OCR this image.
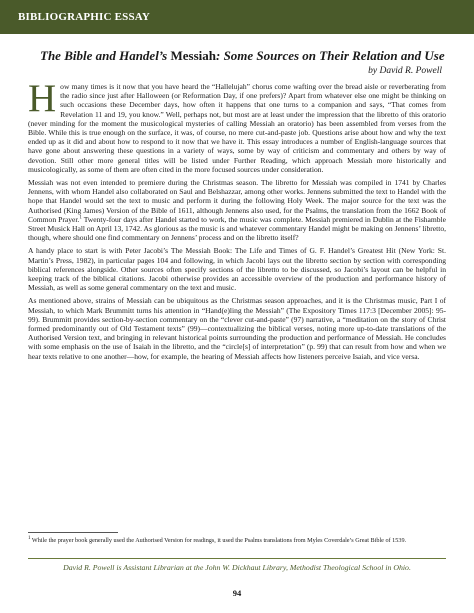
BIBLIOGRAPHIC ESSAY
The Bible and Handel’s Messiah: Some Sources on Their Relation and Use
by David R. Powell

How many times is it now that you have heard the “Hallelujah” chorus come wafting over the bread aisle or reverberating from the radio since just after Halloween (or Reformation Day, if one prefers)? Apart from whatever else one might be thinking on such occasions these December days, how often it happens that one turns to a companion and says, “That comes from Revelation 11 and 19, you know.” Well, perhaps not, but most are at least under the impression that the libretto of this oratorio (never minding for the moment the musicological mysteries of calling Messiah an oratorio) has been assembled from verses from the Bible. While this is true enough on the surface, it was, of course, no mere cut-and-paste job. Questions arise about how and why the text ended up as it did and about how to respond to it now that we have it. This essay introduces a number of English-language sources that have gone about answering these questions in a variety of ways, some by way of criticism and commentary and others by way of devotion. Still other more general titles will be listed under Further Reading, which approach Messiah more historically and musicologically, as some of them are often cited in the more focused sources under consideration.

Messiah was not even intended to premiere during the Christmas season. The libretto for Messiah was compiled in 1741 by Charles Jennens, with whom Handel also collaborated on Saul and Belshazzar, among other works. Jennens submitted the text to Handel with the hope that Handel would set the text to music and perform it during the following Holy Week. The major source for the text was the Authorised (King James) Version of the Bible of 1611, although Jennens also used, for the Psalms, the translation from the 1662 Book of Common Prayer.$^1$ Twenty-four days after Handel started to work, the music was complete. Messiah premiered in Dublin at the Fishamble Street Musick Hall on April 13, 1742. As glorious as the music is and whatever commentary Handel might be making on Jennens’ libretto, though, where should one find commentary on Jennens’ process and on the libretto itself?

A handy place to start is with Peter Jacobi’s The Messiah Book: The Life and Times of G. F. Handel’s Greatest Hit (New York: St. Martin’s Press, 1982), in particular pages 104 and following, in which Jacobi lays out the libretto section by section with corresponding biblical references alongside. Other sources often specify sections of the libretto to be discussed, so Jacobi’s layout can be helpful in keeping track of the biblical citations. Jacobi otherwise provides an accessible overview of the production and performance history of Messiah, as well as some general commentary on the text and music.

As mentioned above, strains of Messiah can be ubiquitous as the Christmas season approaches, and it is the Christmas music, Part I of Messiah, to which Mark Brummitt turns his attention in “Hand(e)ling the Messiah” (The Expository Times 117:3 [December 2005]: 95-99). Brummitt provides section-by-section commentary on the “clever cut-and-paste” (97) narrative, a “meditation on the story of Christ formed predominantly out of Old Testament texts” (99)—contextualizing the biblical verses, noting more up-to-date translations of the Authorised Version text, and bringing in relevant historical points surrounding the production and performance of Messiah. He concludes with some emphasis on the use of Isaiah in the libretto, and the “circle[s] of interpretation” (p. 99) that can result from how and when we hear texts relative to one another—how, for example, the hearing of Messiah affects how listeners perceive Isaiah, and vice versa.

$^1$ While the prayer book generally used the Authorised Version for readings, it used the Psalms translations from Myles Coverdale’s Great Bible of 1539.
David R. Powell is Assistant Librarian at the John W. Dickhaut Library, Methodist Theological School in Ohio.
94
